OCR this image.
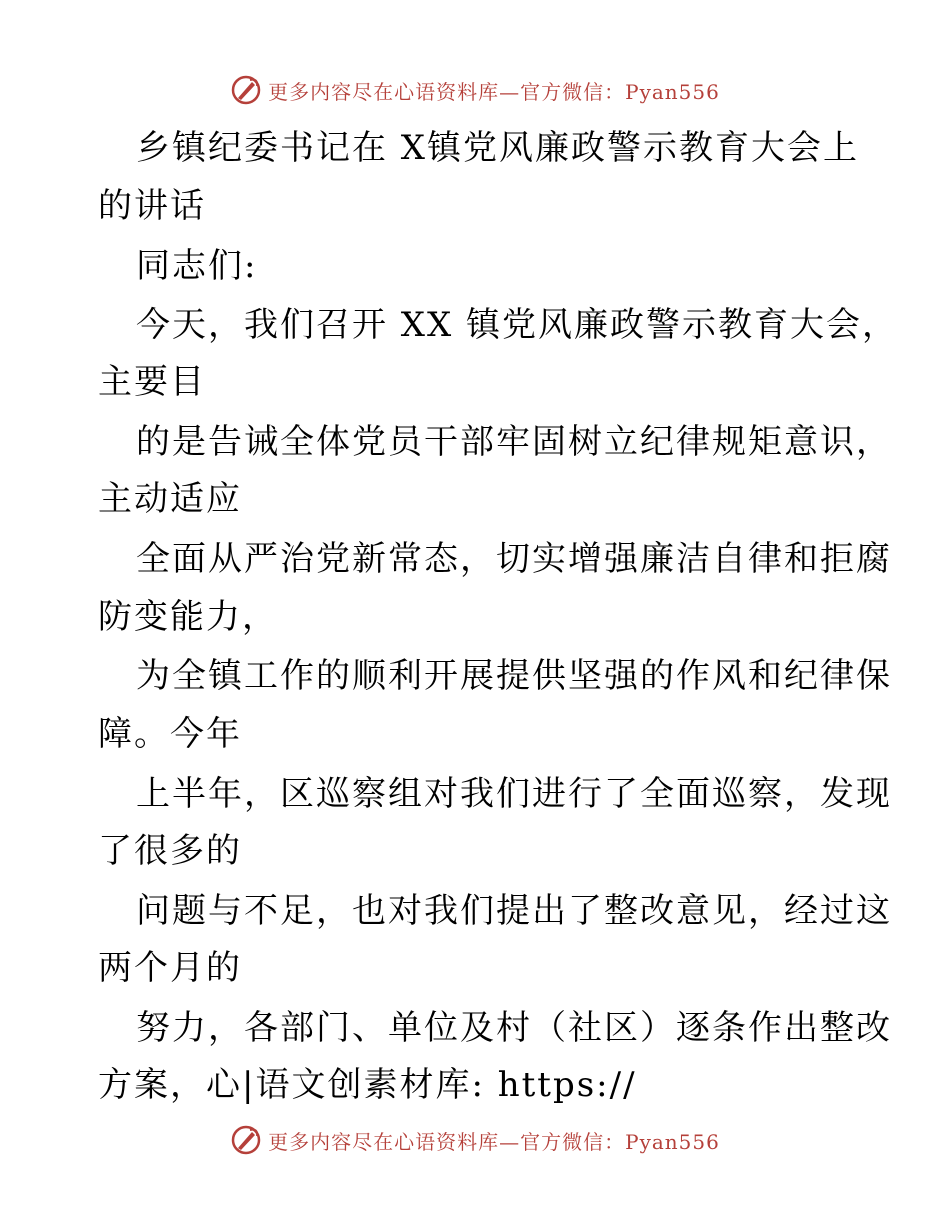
更多内容尽在心语资料库—官方微信：Pyan556
乡镇纪委书记在 X镇党风廉政警示教育大会上
的讲话
同志们:
今天，我们召开 XX 镇党风廉政警示教育大会，
主要目
的是告诫全体党员干部牢固树立纪律规矩意识，
主动适应
全面从严治党新常态，切实增强廉洁自律和拒腐
防变能力，
为全镇工作的顺利开展提供坚强的作风和纪律保
障。今年
上半年，区巡察组对我们进行了全面巡察，发现
了很多的
问题与不足，也对我们提出了整改意见，经过这
两个月的
努力，各部门、单位及村（社区）逐条作出整改
方案，心|语文创素材库: https://
更多内容尽在心语资料库—官方微信：Pyan556
